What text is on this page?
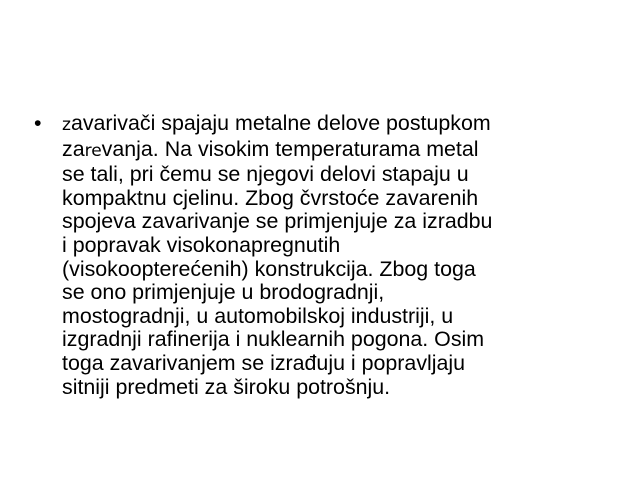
• zavarivači spajaju metalne delove postupkom
zarevanja. Na visokim temperaturama metal
se tali, pri čemu se njegovi delovi stapaju u
kompaktnu cjelinu. Zbog čvrstoće zavarenih
spojeva zavarivanje se primjenjuje za izradbu
i popravak visokonapregnutih
(visokoopterećenih) konstrukcija. Zbog toga
se ono primjenjuje u brodogradnji,
mostogradnji, u automobilskoj industriji, u
izgradnji rafinerija i nuklearnih pogona. Osim
toga zavarivanjem se izrađuju i popravljaju
sitniji predmeti za široku potrošnju.
